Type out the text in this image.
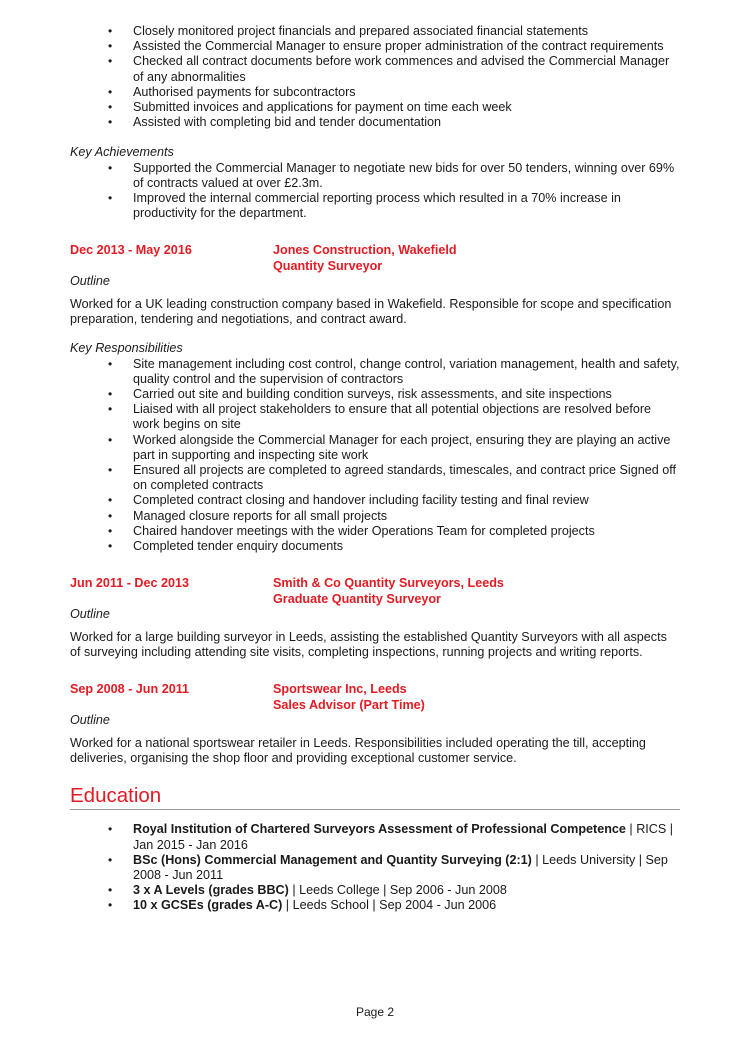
• Closely monitored project financials and prepared associated financial statements
• Assisted the Commercial Manager to ensure proper administration of the contract requirements
• Checked all contract documents before work commences and advised the Commercial Manager of any abnormalities
• Authorised payments for subcontractors
• Submitted invoices and applications for payment on time each week
• Assisted with completing bid and tender documentation
Key Achievements
• Supported the Commercial Manager to negotiate new bids for over 50 tenders, winning over 69% of contracts valued at over £2.3m.
• Improved the internal commercial reporting process which resulted in a 70% increase in productivity for the department.
Dec 2013 - May 2016	Jones Construction, Wakefield
Quantity Surveyor
Outline

Worked for a UK leading construction company based in Wakefield. Responsible for scope and specification preparation, tendering and negotiations, and contract award.

Key Responsibilities
• Site management including cost control, change control, variation management, health and safety, quality control and the supervision of contractors
• Carried out site and building condition surveys, risk assessments, and site inspections
• Liaised with all project stakeholders to ensure that all potential objections are resolved before work begins on site
• Worked alongside the Commercial Manager for each project, ensuring they are playing an active part in supporting and inspecting site work
• Ensured all projects are completed to agreed standards, timescales, and contract price Signed off on completed contracts
• Completed contract closing and handover including facility testing and final review
• Managed closure reports for all small projects
• Chaired handover meetings with the wider Operations Team for completed projects
• Completed tender enquiry documents
Jun 2011 - Dec 2013	Smith & Co Quantity Surveyors, Leeds
Graduate Quantity Surveyor
Outline

Worked for a large building surveyor in Leeds, assisting the established Quantity Surveyors with all aspects of surveying including attending site visits, completing inspections, running projects and writing reports.

Sep 2008 - Jun 2011	Sportswear Inc, Leeds
Sales Advisor (Part Time)
Outline

Worked for a national sportswear retailer in Leeds. Responsibilities included operating the till, accepting deliveries, organising the shop floor and providing exceptional customer service.

Education
• Royal Institution of Chartered Surveyors Assessment of Professional Competence | RICS | Jan 2015 - Jan 2016
• BSc (Hons) Commercial Management and Quantity Surveying (2:1) | Leeds University | Sep 2008 - Jun 2011
• 3 x A Levels (grades BBC) | Leeds College | Sep 2006 - Jun 2008
• 10 x GCSEs (grades A-C) | Leeds School | Sep 2004 - Jun 2006
Page 2
